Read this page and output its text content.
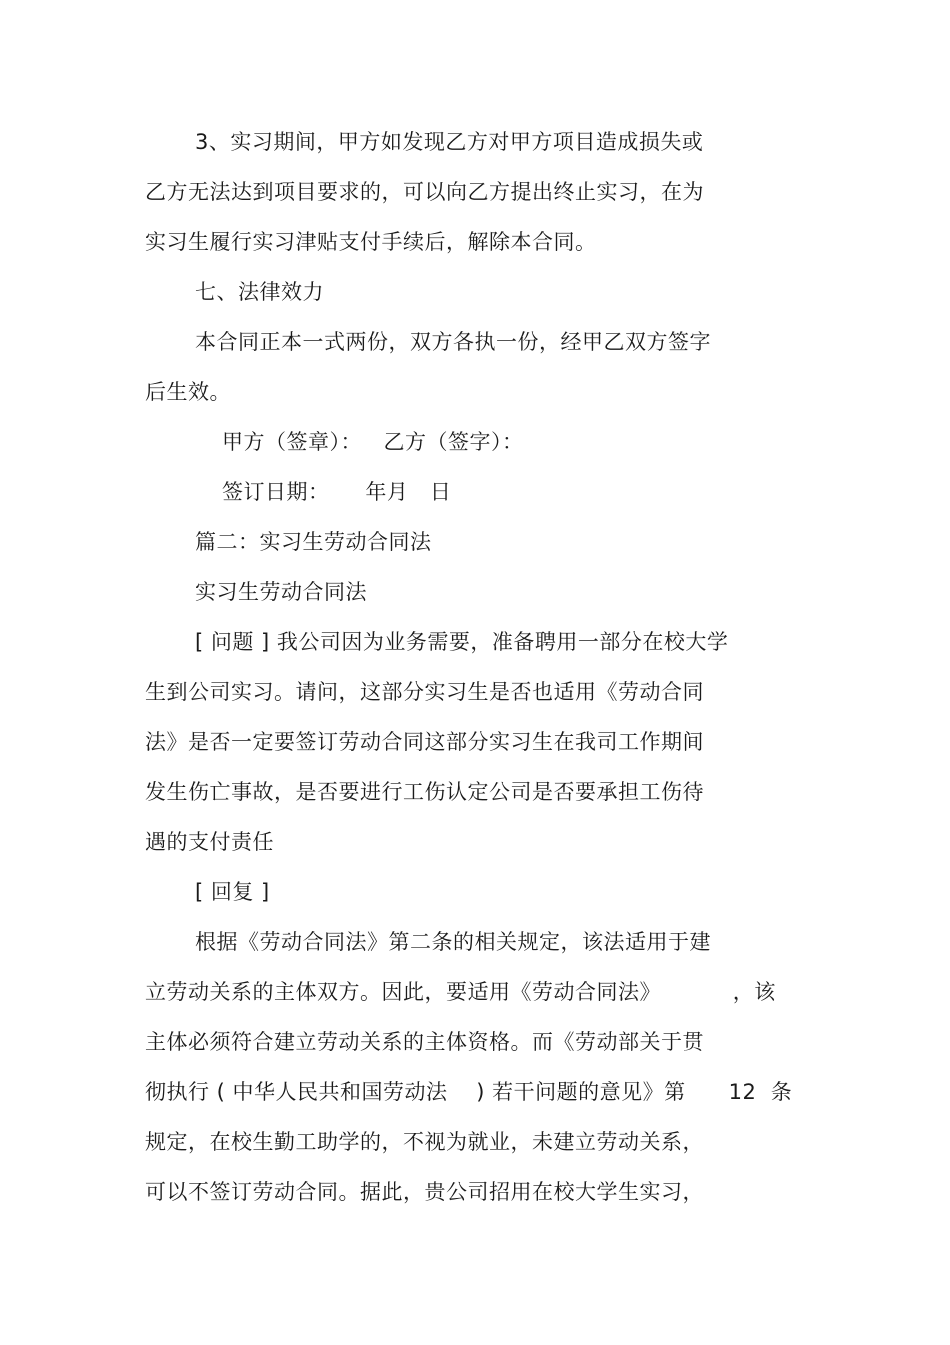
3、实习期间，甲方如发现乙方对甲方项目造成损失或
乙方无法达到项目要求的，可以向乙方提出终止实习，在为
实习生履行实习津贴支付手续后，解除本合同。
七、法律效力
本合同正本一式两份，双方各执一份，经甲乙双方签字
后生效。
甲方（签章）：   乙方（签字）：
签订日期：     年月   日
篇二：实习生劳动合同法
实习生劳动合同法
[ 问题 ] 我公司因为业务需要，准备聘用一部分在校大学
生到公司实习。请问，这部分实习生是否也适用《劳动合同
法》是否一定要签订劳动合同这部分实习生在我司工作期间
发生伤亡事故，是否要进行工伤认定公司是否要承担工伤待
遇的支付责任
[ 回复 ]
根据《劳动合同法》第二条的相关规定，该法适用于建
立劳动关系的主体双方。因此，要适用《劳动合同法》          ，该
主体必须符合建立劳动关系的主体资格。而《劳动部关于贯
彻执行 ( 中华人民共和国劳动法    ) 若干问题的意见》第      12  条
规定，在校生勤工助学的，不视为就业，未建立劳动关系，
可以不签订劳动合同。据此，贵公司招用在校大学生实习，
